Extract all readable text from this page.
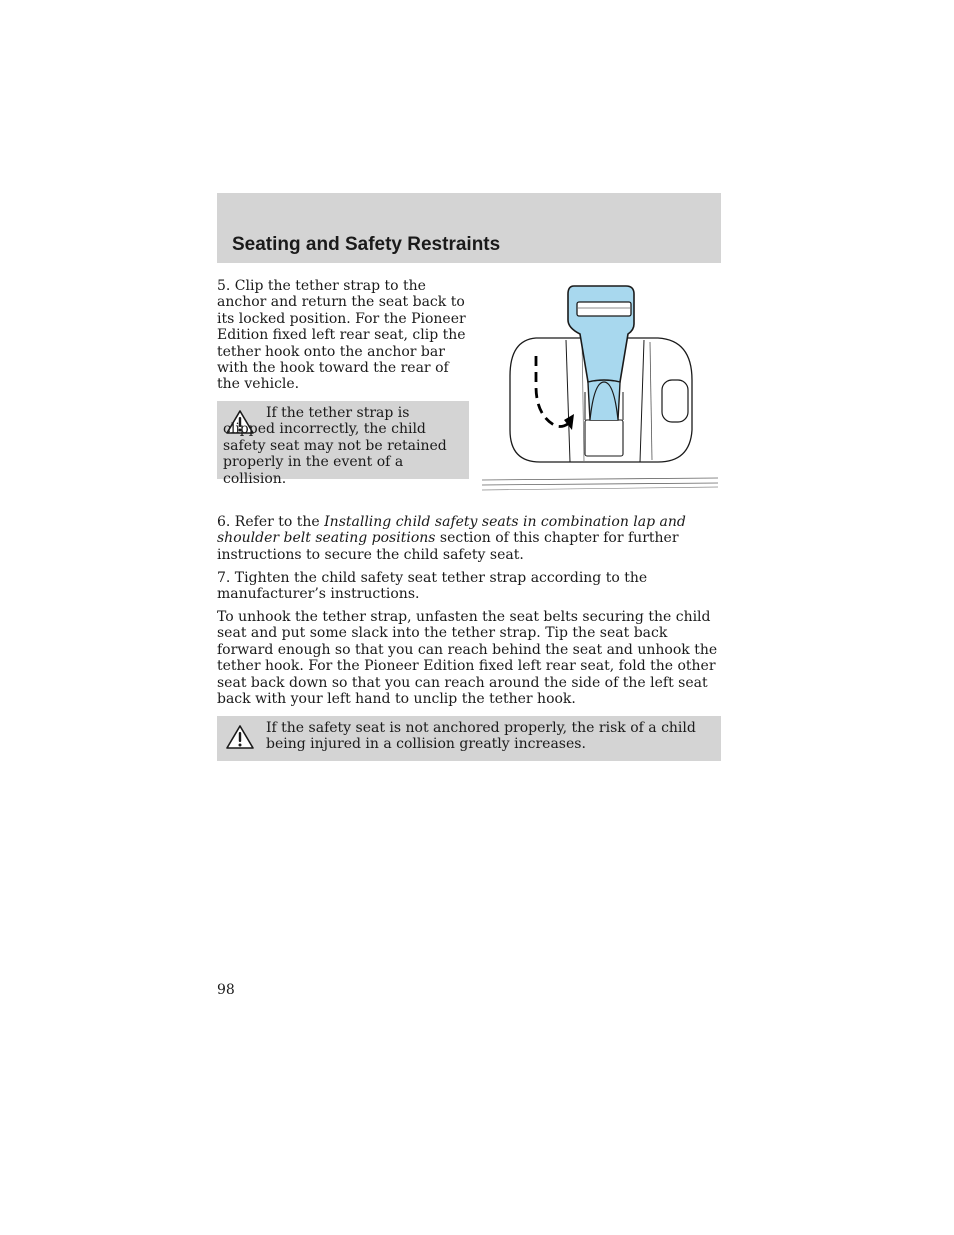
Seating and Safety Restraints

5. Clip the tether strap to the anchor and return the seat back to its locked position. For the Pioneer Edition fixed left rear seat, clip the tether hook onto the anchor bar with the hook toward the rear of the vehicle.

If the tether strap is clipped incorrectly, the child safety seat may not be retained properly in the event of a collision.

6. Refer to the Installing child safety seats in combination lap and shoulder belt seating positions section of this chapter for further instructions to secure the child safety seat.

7. Tighten the child safety seat tether strap according to the manufacturer’s instructions.

To unhook the tether strap, unfasten the seat belts securing the child seat and put some slack into the tether strap. Tip the seat back forward enough so that you can reach behind the seat and unhook the tether hook. For the Pioneer Edition fixed left rear seat, fold the other seat back down so that you can reach around the side of the left seat back with your left hand to unclip the tether hook.

If the safety seat is not anchored properly, the risk of a child being injured in a collision greatly increases.

98
